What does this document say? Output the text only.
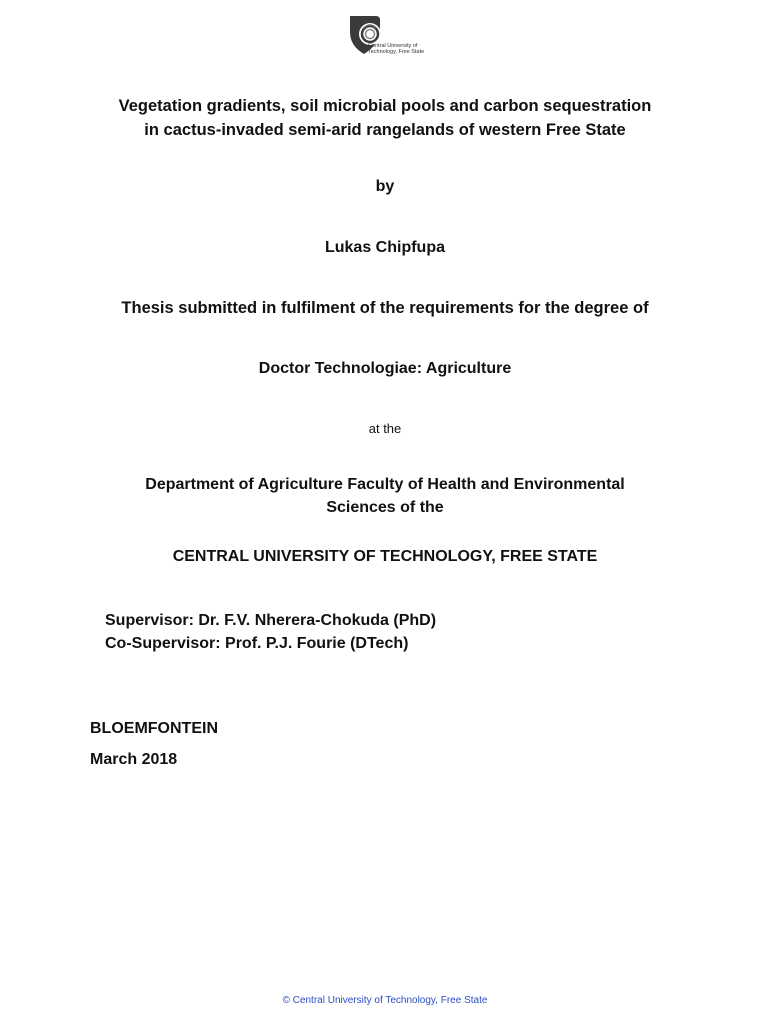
Central University of
Technology, Free State
Vegetation gradients, soil microbial pools and carbon sequestration
in cactus-invaded semi-arid rangelands of western Free State
by
Lukas Chipfupa
Thesis submitted in fulfilment of the requirements for the degree of
Doctor Technologiae: Agriculture
at the
Department of Agriculture Faculty of Health and Environmental
Sciences of the
CENTRAL UNIVERSITY OF TECHNOLOGY, FREE STATE
Supervisor: Dr. F.V. Nherera-Chokuda (PhD)
Co-Supervisor: Prof. P.J. Fourie (DTech)
BLOEMFONTEIN
March 2018
© Central University of Technology, Free State
